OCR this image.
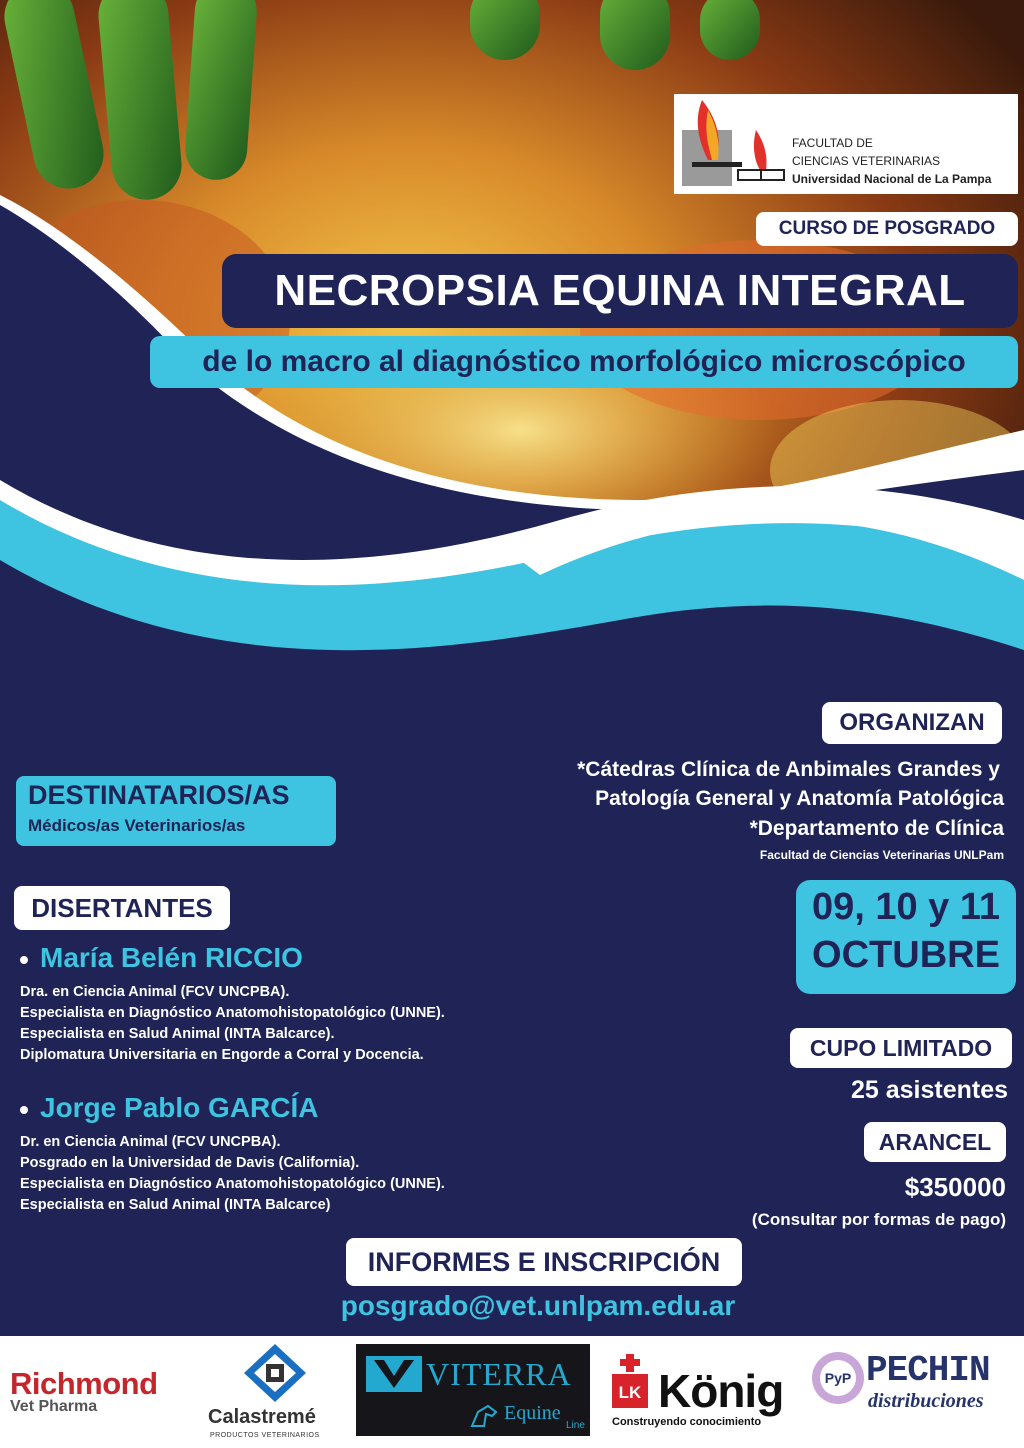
FACULTAD DE
CIENCIAS VETERINARIAS
Universidad Nacional de La Pampa
CURSO DE POSGRADO
NECROPSIA EQUINA INTEGRAL
de lo macro al diagnóstico morfológico microscópico
ORGANIZAN
*Cátedras Clínica de Anbimales Grandes y
Patología General y Anatomía Patológica
*Departamento de Clínica
Facultad de Ciencias Veterinarias UNLPam
DESTINATARIOS/AS
Médicos/as Veterinarios/as
DISERTANTES
María Belén RICCIO
Dra. en Ciencia Animal (FCV UNCPBA).
Especialista en Diagnóstico Anatomohistopatológico (UNNE).
Especialista en Salud Animal (INTA Balcarce).
Diplomatura Universitaria en Engorde a Corral y Docencia.
Jorge Pablo GARCÍA
Dr. en Ciencia Animal (FCV UNCPBA).
Posgrado en la Universidad de Davis (California).
Especialista en Diagnóstico Anatomohistopatológico (UNNE).
Especialista en Salud Animal (INTA Balcarce)
09, 10 y 11
OCTUBRE
CUPO LIMITADO
25 asistentes
ARANCEL
$350000
(Consultar por formas de pago)
INFORMES E INSCRIPCIÓN
posgrado@vet.unlpam.edu.ar
Richmond
Vet Pharma	Calastremé
PRODUCTOS VETERINARIOS
VITERRA
Equine
Line
LK König
Construyendo conocimiento
PyP PECHIN
distribuciones
